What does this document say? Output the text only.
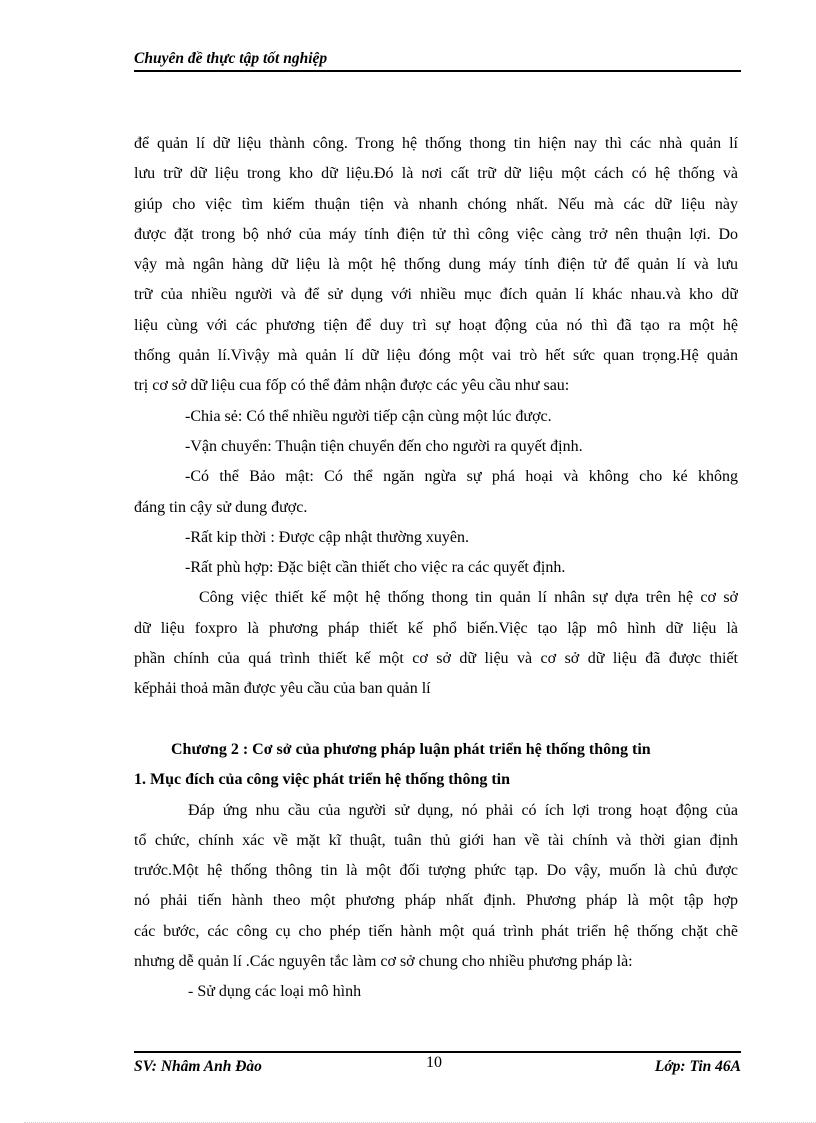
Chuyên đề thực tập tốt nghiệp
để quản lí dữ liệu thành công. Trong hệ thống thong tin hiện nay thì các nhà quản lí
lưu trữ dữ liệu trong kho dữ liệu.Đó là nơi cất trữ dữ liệu một cách có hệ thống và
giúp cho việc tìm kiếm thuận tiện và nhanh chóng nhất. Nếu mà các dữ liệu này
được đặt trong bộ nhớ của máy tính điện tử thì công việc càng trở nên thuận lợi. Do
vậy mà ngân hàng dữ liệu là một hệ thống dung máy tính điện tử để quản lí và lưu
trữ của nhiều người và để sử dụng với nhiều mục đích quản lí khác nhau.và kho dữ
liệu cùng với các phương tiện để duy trì sự hoạt động của nó thì đã tạo ra một hệ
thống quản lí.Vìvậy mà quản lí dữ liệu đóng một vai trò hết sức quan trọng.Hệ quản
trị cơ sở dữ liệu cua fốp có thể đảm nhận được các yêu cầu như sau:
-Chia sẻ: Có thể nhiều người tiếp cận cùng một lúc được.
-Vận chuyển: Thuận tiện chuyển đến cho người ra quyết định.
-Có thể Bảo mật: Có thể ngăn ngừa sự phá hoại và không cho ké không
đáng tin cậy sử dung được.
-Rất kip thời : Được cập nhật thường xuyên.
-Rất phù hợp: Đặc biệt cần thiết cho việc ra các quyết định.
Công việc thiết kế một hệ thống thong tin quản lí nhân sự dựa trên hệ cơ sở
dữ liệu foxpro là phương pháp thiết kế phổ biến.Việc tạo lập mô hình dữ liệu là
phần chính của quá trình thiết kế một cơ sở dữ liệu và cơ sở dữ liệu đã được thiết
kếphải thoả mãn được yêu cầu của ban quản lí
Chương 2 : Cơ sở của phương pháp luận phát triển hệ thống thông tin
1. Mục đích của công việc phát triển hệ thống thông tin
Đáp ứng nhu cầu của người sử dụng, nó phải có ích lợi trong hoạt động của
tổ chức, chính xác về mặt kĩ thuật, tuân thủ giới han về tài chính và thời gian định
trước.Một hệ thống thông tin là một đối tượng phức tạp. Do vậy, muốn là chủ được
nó phải tiến hành theo một phương pháp nhất định. Phương pháp là một tập hợp
các bước, các công cụ cho phép tiến hành một quá trình phát triển hệ thống chặt chẽ
nhưng dễ quản lí .Các nguyên tắc làm cơ sở chung cho nhiều phương pháp là:
- Sử dụng các loại mô hình
SV: Nhâm Anh Đào	10	Lớp: Tin 46A
